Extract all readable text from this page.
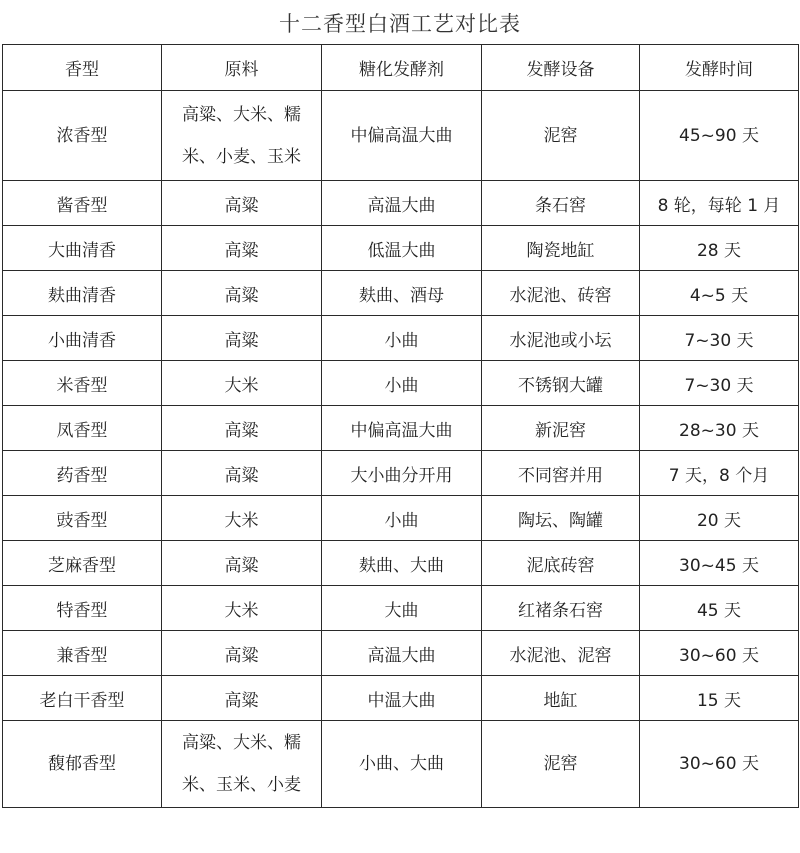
十二香型白酒工艺对比表
香型	原料	糖化发酵剂	发酵设备	发酵时间
浓香型	高粱、大米、糯米、小麦、玉米	中偏高温大曲	泥窖	45~90 天
酱香型	高粱	高温大曲	条石窖	8 轮，每轮 1 月
大曲清香	高粱	低温大曲	陶瓷地缸	28 天
麸曲清香	高粱	麸曲、酒母	水泥池、砖窖	4~5 天
小曲清香	高粱	小曲	水泥池或小坛	7~30 天
米香型	大米	小曲	不锈钢大罐	7~30 天
凤香型	高粱	中偏高温大曲	新泥窖	28~30 天
药香型	高粱	大小曲分开用	不同窖并用	7 天，8 个月
豉香型	大米	小曲	陶坛、陶罐	20 天
芝麻香型	高粱	麸曲、大曲	泥底砖窖	30~45 天
特香型	大米	大曲	红褚条石窖	45 天
兼香型	高粱	高温大曲	水泥池、泥窖	30~60 天
老白干香型	高粱	中温大曲	地缸	15 天
馥郁香型	高粱、大米、糯米、玉米、小麦	小曲、大曲	泥窖	30~60 天
